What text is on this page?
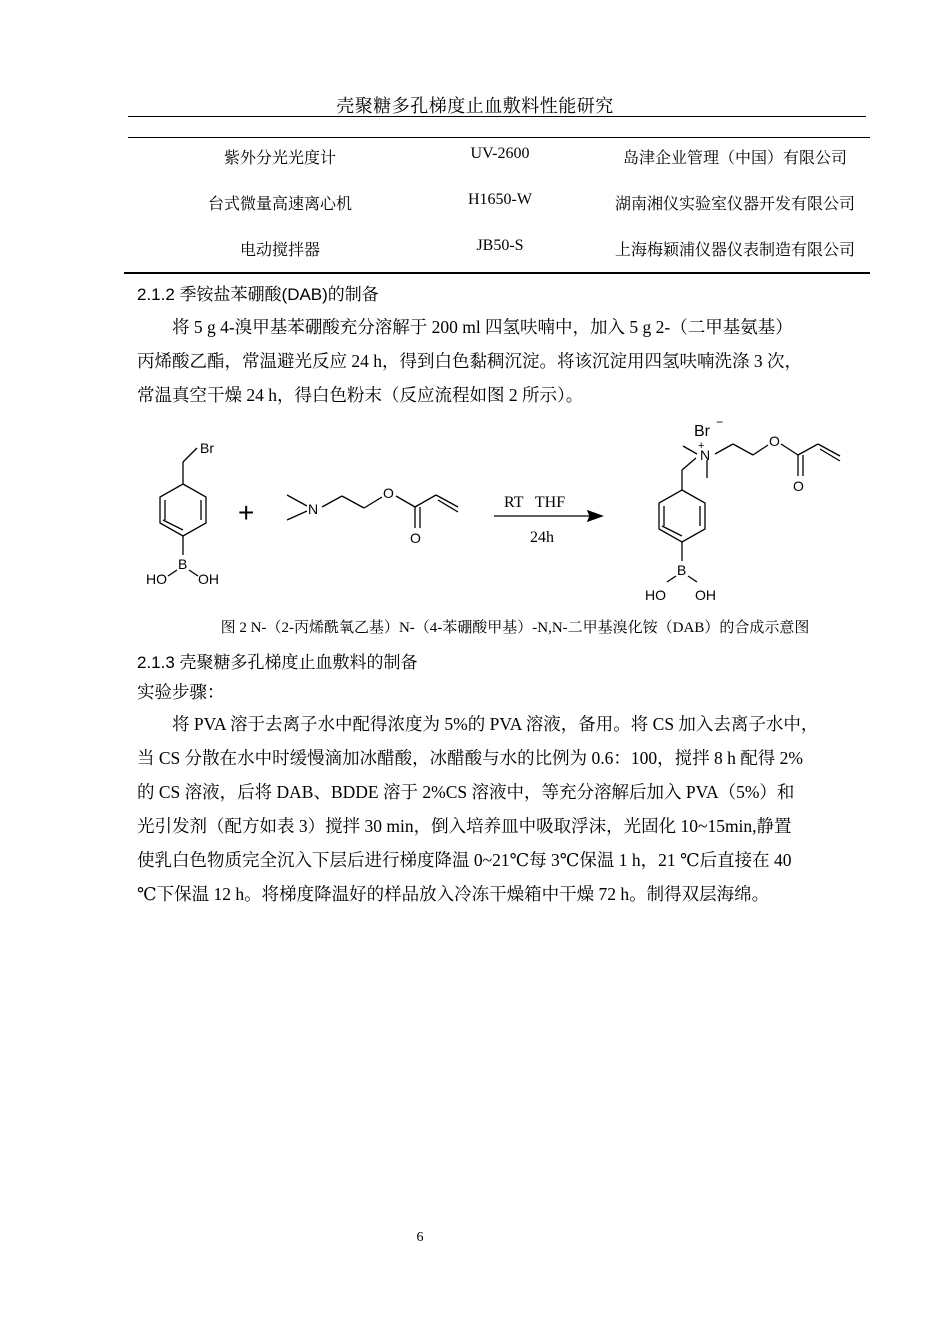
壳聚糖多孔梯度止血敷料性能研究
紫外分光光度计	UV-2600	岛津企业管理（中国）有限公司
台式微量高速离心机	H1650-W	湖南湘仪实验室仪器开发有限公司
电动搅拌器	JB50-S	上海梅颖浦仪器仪表制造有限公司
2.1.2 季铵盐苯硼酸(DAB)的制备
将 5 g 4-溴甲基苯硼酸充分溶解于 200 ml 四氢呋喃中，加入 5 g 2-（二甲基氨基）
丙烯酸乙酯，常温避光反应 24 h，得到白色黏稠沉淀。将该沉淀用四氢呋喃洗涤 3 次，
常温真空干燥 24 h，得白色粉末（反应流程如图 2 所示）。
Br
B
HO OH
+	N
O
O
RT   THF
24h
Br
−
N
+	O
O
B
HO OH
图 2 N-（2-丙烯酰氧乙基）N-（4-苯硼酸甲基）-N,N-二甲基溴化铵（DAB）的合成示意图
2.1.3 壳聚糖多孔梯度止血敷料的制备
实验步骤：
将 PVA 溶于去离子水中配得浓度为 5%的 PVA 溶液，备用。将 CS 加入去离子水中，
当 CS 分散在水中时缓慢滴加冰醋酸，冰醋酸与水的比例为 0.6：100，搅拌 8 h 配得 2%
的 CS 溶液，后将 DAB、BDDE 溶于 2%CS 溶液中，等充分溶解后加入 PVA（5%）和
光引发剂（配方如表 3）搅拌 30 min，倒入培养皿中吸取浮沫，光固化 10~15min,静置
使乳白色物质完全沉入下层后进行梯度降温 0~21℃每 3℃保温 1 h，21 ℃后直接在 40
℃下保温 12 h。将梯度降温好的样品放入冷冻干燥箱中干燥 72 h。制得双层海绵。
6
